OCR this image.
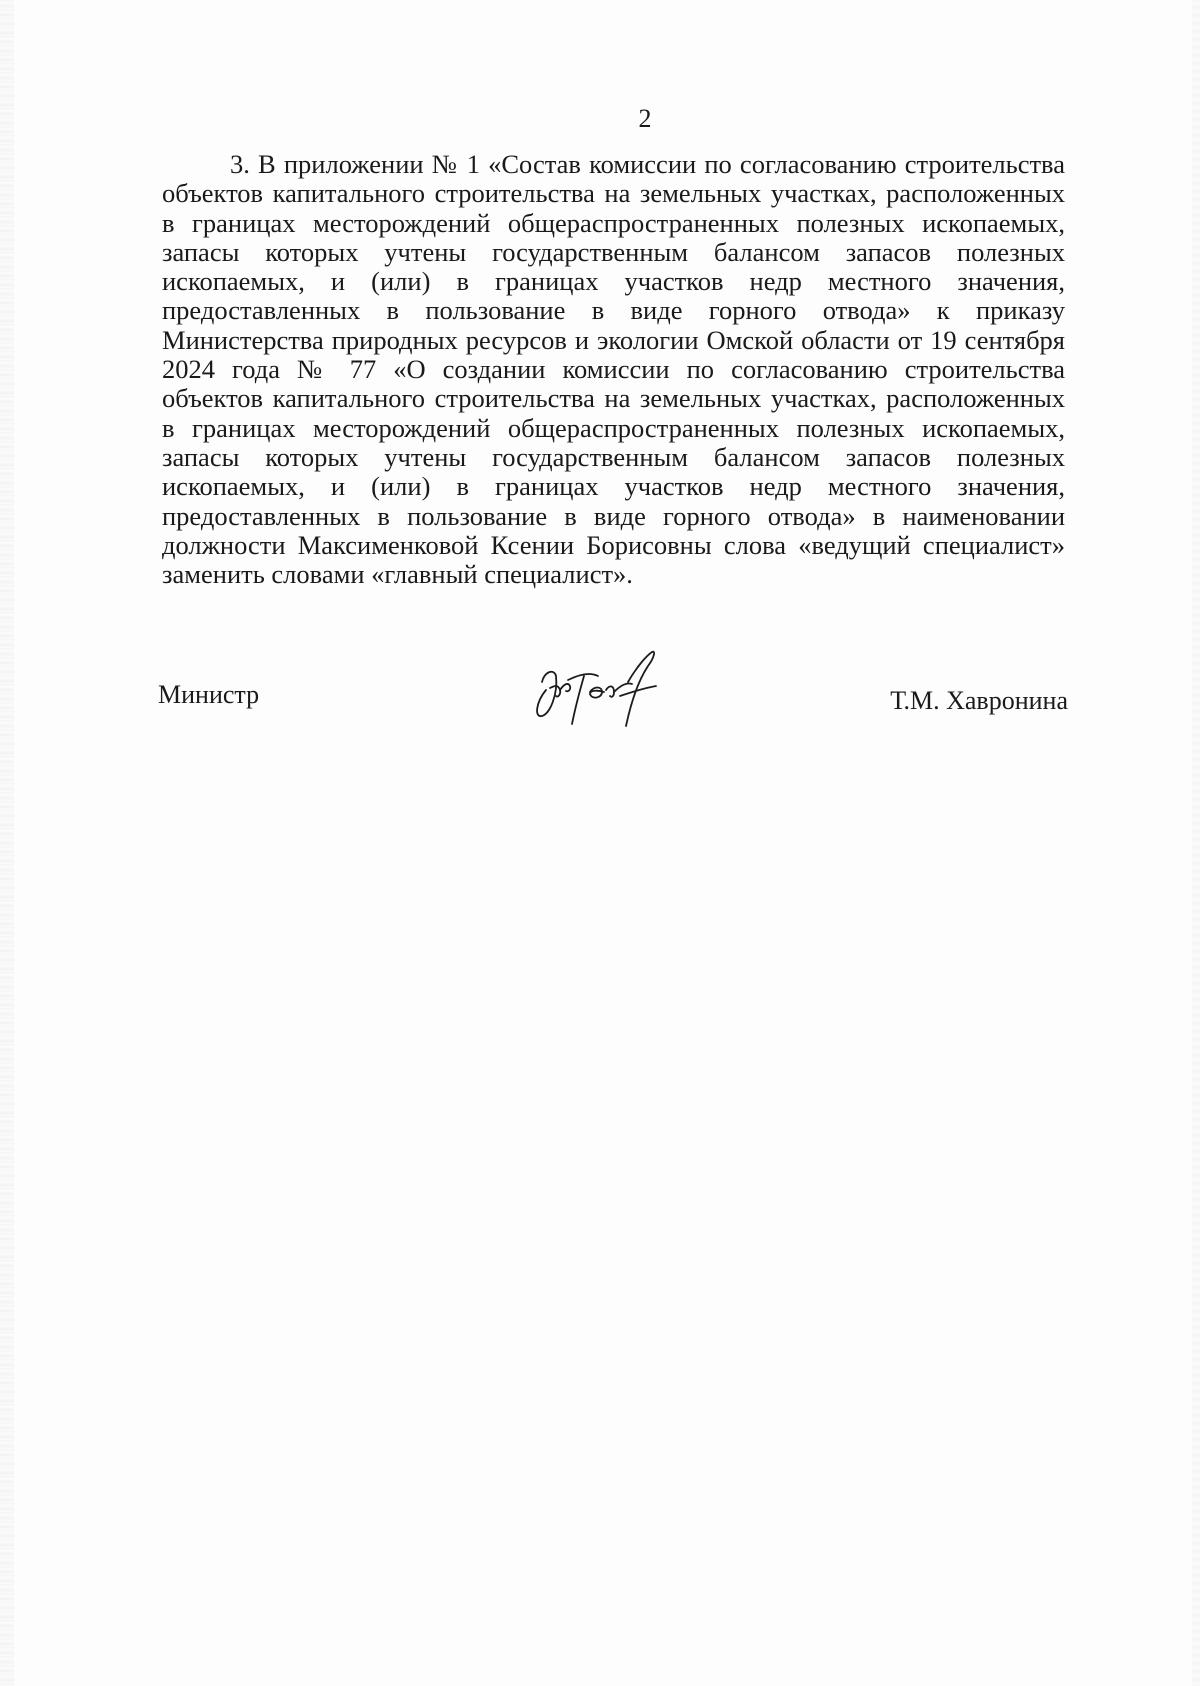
2

3. В приложении № 1 «Состав комиссии по согласованию строительства объектов капитального строительства на земельных участках, расположенных в границах месторождений общераспространенных полезных ископаемых, запасы которых учтены государственным балансом запасов полезных ископаемых, и (или) в границах участков недр местного значения, предоставленных в пользование в виде горного отвода» к приказу Министерства природных ресурсов и экологии Омской области от 19 сентября 2024 года № 77 «О создании комиссии по согласованию строительства объектов капитального строительства на земельных участках, расположенных в границах месторождений общераспространенных полезных ископаемых, запасы которых учтены государственным балансом запасов полезных ископаемых, и (или) в границах участков недр местного значения, предоставленных в пользование в виде горного отвода» в наименовании должности Максименковой Ксении Борисовны слова «ведущий специалист» заменить словами «главный специалист».

Министр	Т.М. Хавронина
